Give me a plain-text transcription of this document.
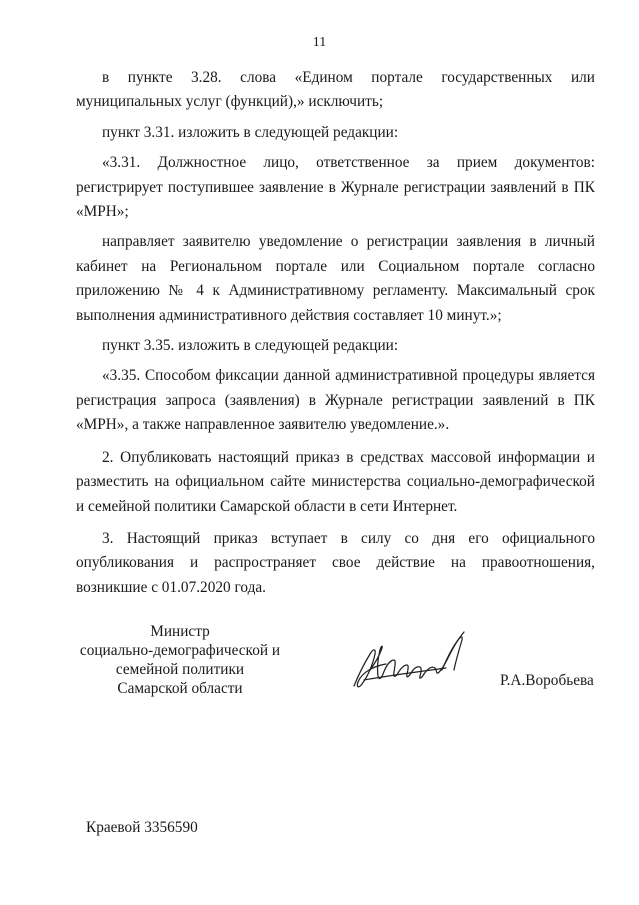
11

в пункте 3.28. слова «Едином портале государственных или муниципальных услуг (функций),» исключить;

пункт 3.31. изложить в следующей редакции:

«3.31. Должностное лицо, ответственное за прием документов: регистрирует поступившее заявление в Журнале регистрации заявлений в ПК «МРН»;

направляет заявителю уведомление о регистрации заявления в личный кабинет на Региональном портале или Социальном портале согласно приложению № 4 к Административному регламенту. Максимальный срок выполнения административного действия составляет 10 минут.»;

пункт 3.35. изложить в следующей редакции:

«3.35. Способом фиксации данной административной процедуры является регистрация запроса (заявления) в Журнале регистрации заявлений в ПК «МРН», а также направленное заявителю уведомление.».

2. Опубликовать настоящий приказ в средствах массовой информации и разместить на официальном сайте министерства социально-демографической и семейной политики Самарской области в сети Интернет.

3. Настоящий приказ вступает в силу со дня его официального опубликования и распространяет свое действие на правоотношения, возникшие с 01.07.2020 года.

Министр
социально-демографической и
семейной политики
Самарской области	Р.А.Воробьева
Краевой 3356590
